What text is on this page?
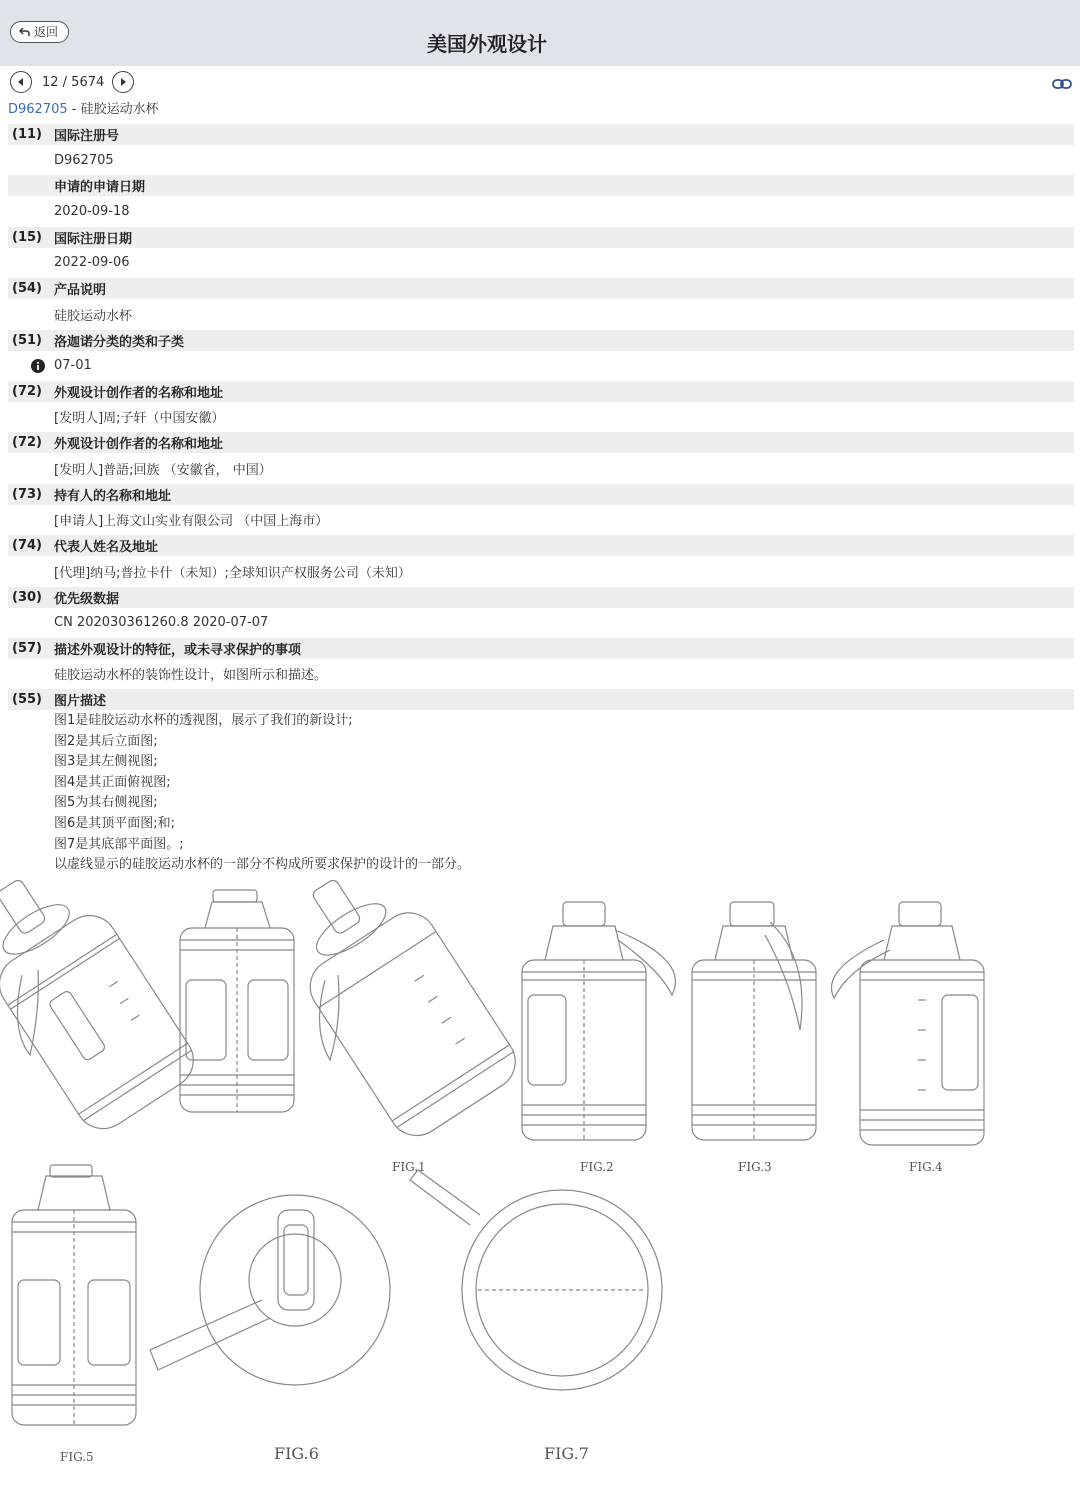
返回	美国外观设计
12 / 5674
D962705 - 硅胶运动水杯
(11) 国际注册号
D962705
申请的申请日期
2020-09-18
(15) 国际注册日期
2022-09-06
(54) 产品说明
硅胶运动水杯
(51) 洛迦诺分类的类和子类
07-01
(72) 外观设计创作者的名称和地址
[发明人]周;子轩（中国安徽）
(72) 外观设计创作者的名称和地址
[发明人]普語;回族 （安徽省， 中国）
(73) 持有人的名称和地址
[申请人]上海文山实业有限公司 （中国上海市）
(74) 代表人姓名及地址
[代理]纳马;普拉卡什（未知）;全球知识产权服务公司（未知）
(30) 优先级数据
CN 202030361260.8 2020-07-07
(57) 描述外观设计的特征，或未寻求保护的事项
硅胶运动水杯的装饰性设计，如图所示和描述。
(55) 图片描述
图1是硅胶运动水杯的透视图，展示了我们的新设计;
图2是其后立面图;
图3是其左侧视图;
图4是其正面俯视图;
图5为其右侧视图;
图6是其顶平面图;和;
图7是其底部平面图。;
以虚线显示的硅胶运动水杯的一部分不构成所要求保护的设计的一部分。
FIG.1	FIG.2	FIG.3	FIG.4
FIG.5	FIG.6	FIG.7
